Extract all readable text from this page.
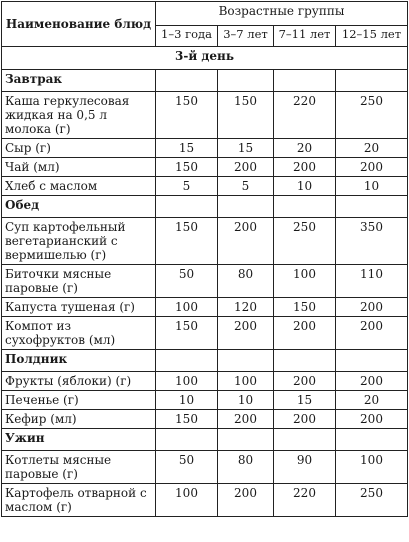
Наименование блюд	Возрастные группы			
	1–3 года	3–7 лет	7–11 лет	12–15 лет
3-й день				
Завтрак				
Каша геркулесовая жидкая на 0,5 л молока (г)	150	150	220	250
Сыр (г)	15	15	20	20
Чай (мл)	150	200	200	200
Хлеб с маслом	5	5	10	10
Обед				
Суп картофельный вегетарианский с вермишелью (г)	150	200	250	350
Биточки мясные паровые (г)	50	80	100	110
Капуста тушеная (г)	100	120	150	200
Компот из сухофруктов (мл)	150	200	200	200
Полдник				
Фрукты (яблоки) (г)	100	100	200	200
Печенье (г)	10	10	15	20
Кефир (мл)	150	200	200	200
Ужин				
Котлеты мясные паровые (г)	50	80	90	100
Картофель отварной с маслом (г)	100	200	220	250
